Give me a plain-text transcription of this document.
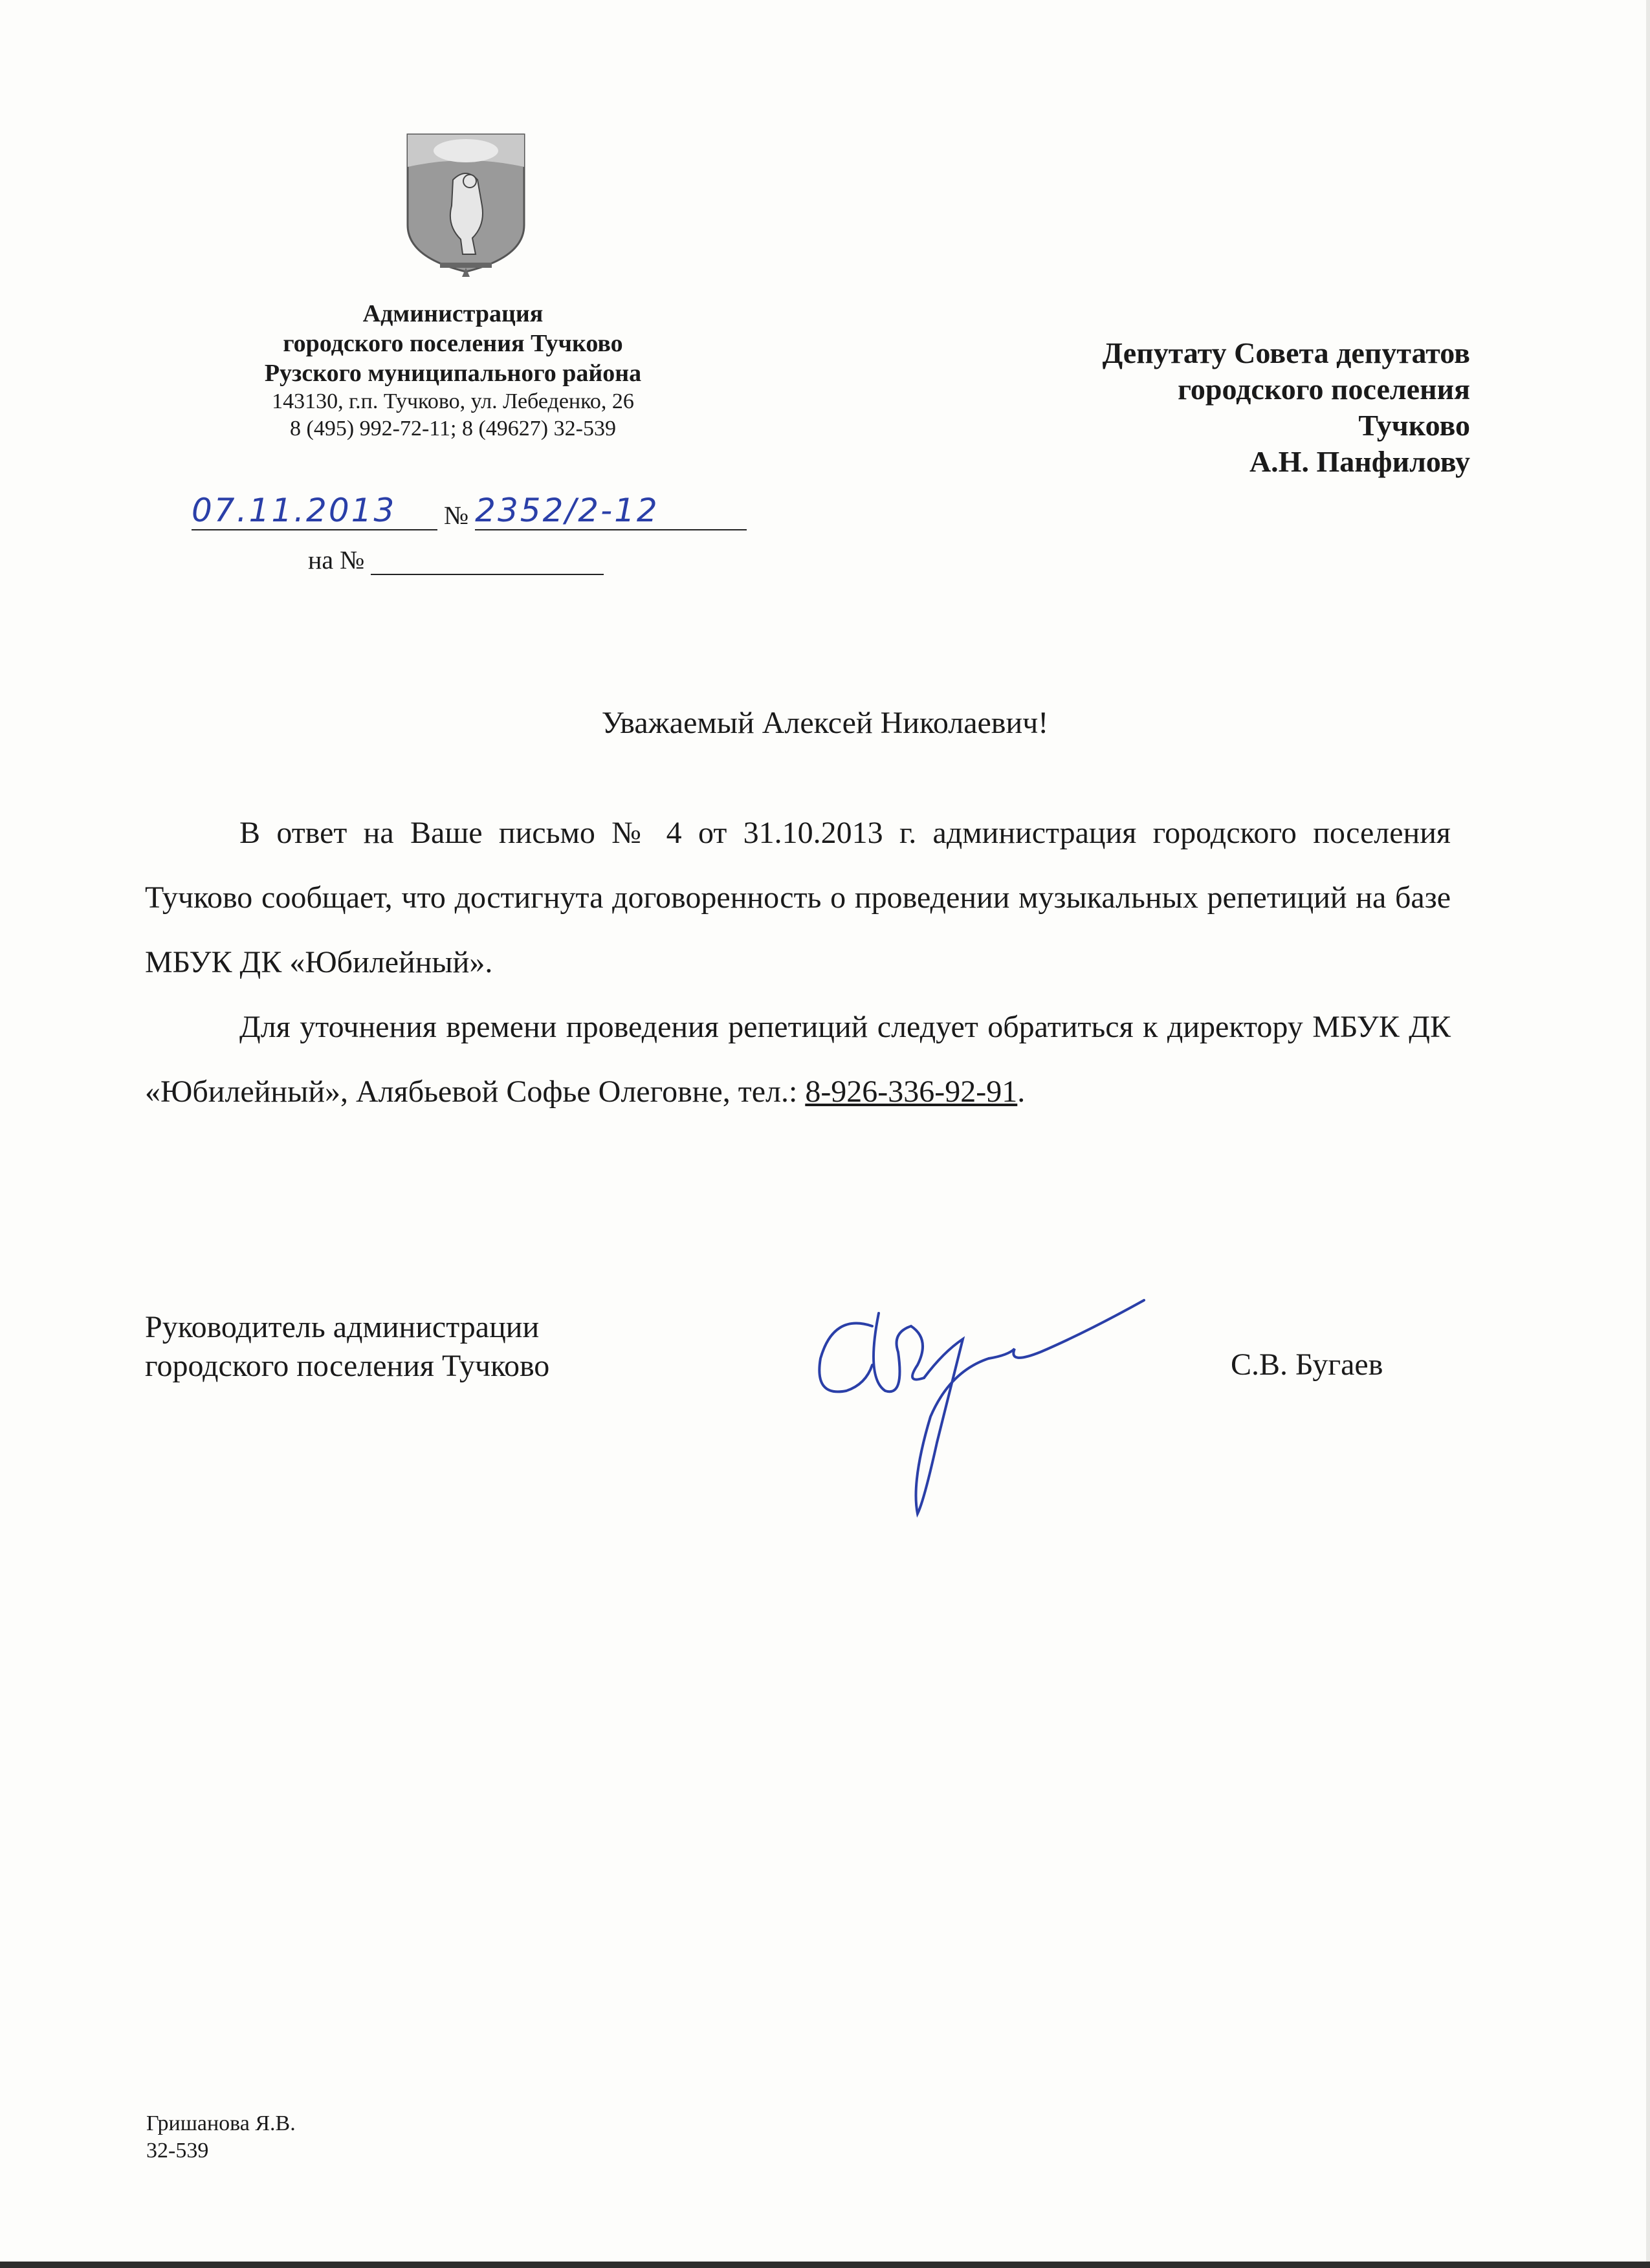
Администрация
городского поселения Тучково
Рузского муниципального района
143130, г.п. Тучково, ул. Лебеденко, 26
8 (495) 992-72-11; 8 (49627) 32-539
07.11.2013 № 2352/2-12
на №
Депутату Совета депутатов
городского поселения
Тучково
А.Н. Панфилову
Уважаемый Алексей Николаевич!

В ответ на Ваше письмо № 4 от 31.10.2013 г. администрация городского поселения Тучково сообщает, что достигнута договоренность о проведении музыкальных репетиций на базе МБУК ДК «Юбилейный».

Для уточнения времени проведения репетиций следует обратиться к директору МБУК ДК «Юбилейный», Алябьевой Софье Олеговне, тел.: 8-926-336-92-91.

Руководитель администрации
городского поселения Тучково	С.В. Бугаев
Гришанова Я.В.
32-539
